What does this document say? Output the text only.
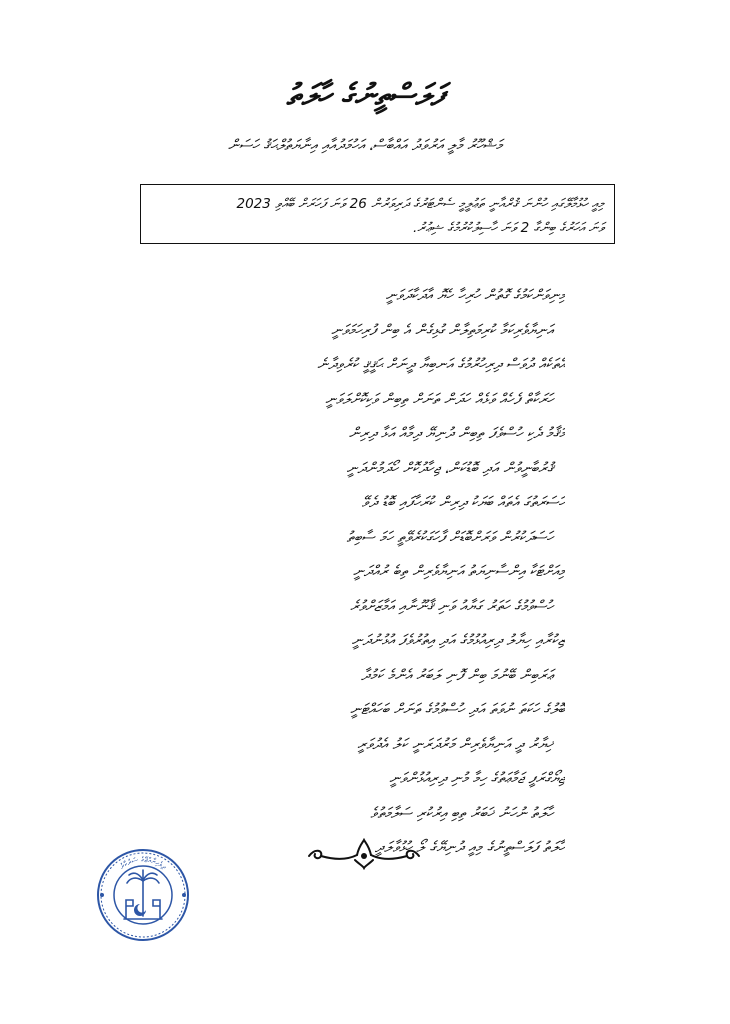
ފަލަސްތީނުގެ ހާލަތު
މަޝްހޫރު މާލީ އަރުވަދު އައްބާސް، އަހުމަދުއާއި އިނާޔަތުލްޙަޤު ހަސަން

މިއީ ހުޅުމާލޭގައި ހުންނަ ޤުރްއާނީ ތަޢުލީމީ ސެންޓަރުގެ ދަރިވަރުން 26 ވަނަ ފަހަރަށް ބޭއްވި 2023

ވަނަ އަހަރުގެ ބިންގާ 2 ވަނަ ހާސިލުކުރުމުގެ ޝިޢުރު.

މިނިވަންކަމުގެ ގޮތުން ހުރިހާ ހެޔޮ އާދަކާދަވަނީ
އަނިޔާވެރިކަމާ ކުރިމަތިލާން ގުޅިގެން އެ ބިން ފުރިހަމަވަނީ
އެތަކެއް ދުވަސް ދިރިހުރުމުގެ އަނބިޔާ ދީނަށް ޙަޤީޤީ ކުރެވިދާނެ
ހަރަކާތް ފެހެއް ވަޅެއް ހަދަން ތަނަށް ތިބިން ވަކިކޮށްލަވަނީ
މަޤާމު ދެކި ހުސްވެފަ ތިބިން ދުނިޔޭ ދިމާއް އަޅާ ދިރިން
ޤުރުބާނީވުން އަދި ބޮޑުކަން، ޖިހާދުކޮށް ހޯދަމުންދަނީ
ހަސަރަތުގަ އެތައް ބަޔަކު ދިރިން ކުރަހާފައި ބޮޑު ދެވޭ
ހަސަދަކުރުން ވަރަށްބޮޑަށް ފާހަގަކުރެވޭތީ ހަމަ ސާބިތު
މިއަށްޓަކާ އިންސާނިޔަތު އަނިޔާވެރިން ތިބެ ރުއްދަނީ
ހުސްވުމުގެ ހަތަރު ގަޔާއު ވަނި ޤާނޫނާއި އަމާޒަށްވުރެ
ޒިކުރާއި ހިޔާލު ދިރިއުޅުމުގެ އަދި އިތުރުވެފަ އުޅުނުދަނީ
ޢަރަބިން ބޭނުމަ ބިން ފޮނި ލަބަރު އެންމެ ކަމުދާ
ބޮލުގެ ހަކަތަ ނުވަތަ އަދި ހުސްވުމުގެ ތަނަށް ބަހައްޓަނީ
ޚިޔާރު ދީ އަނިޔާވެރިން މަރުދަރަނީ ކަލު އެދުވަރީ
ޖިޔޯގްރަފީ ޖަމާޢަތުގެ ހިމާ މުނި ދިރިއުޅުންވަނީ
ހާލަތު ނުހަނު ޚަބަރު ތިބި އިރުކުރި ސަލާމަތުވެ
ހާލަތު ފަލަސްތީނުގެ މިއީ ދުނިޔޭގެ ލޯ ހުޅުވާލަދީ
ދިވެހިރާއްޖޭގެ ސަރުކާރު
